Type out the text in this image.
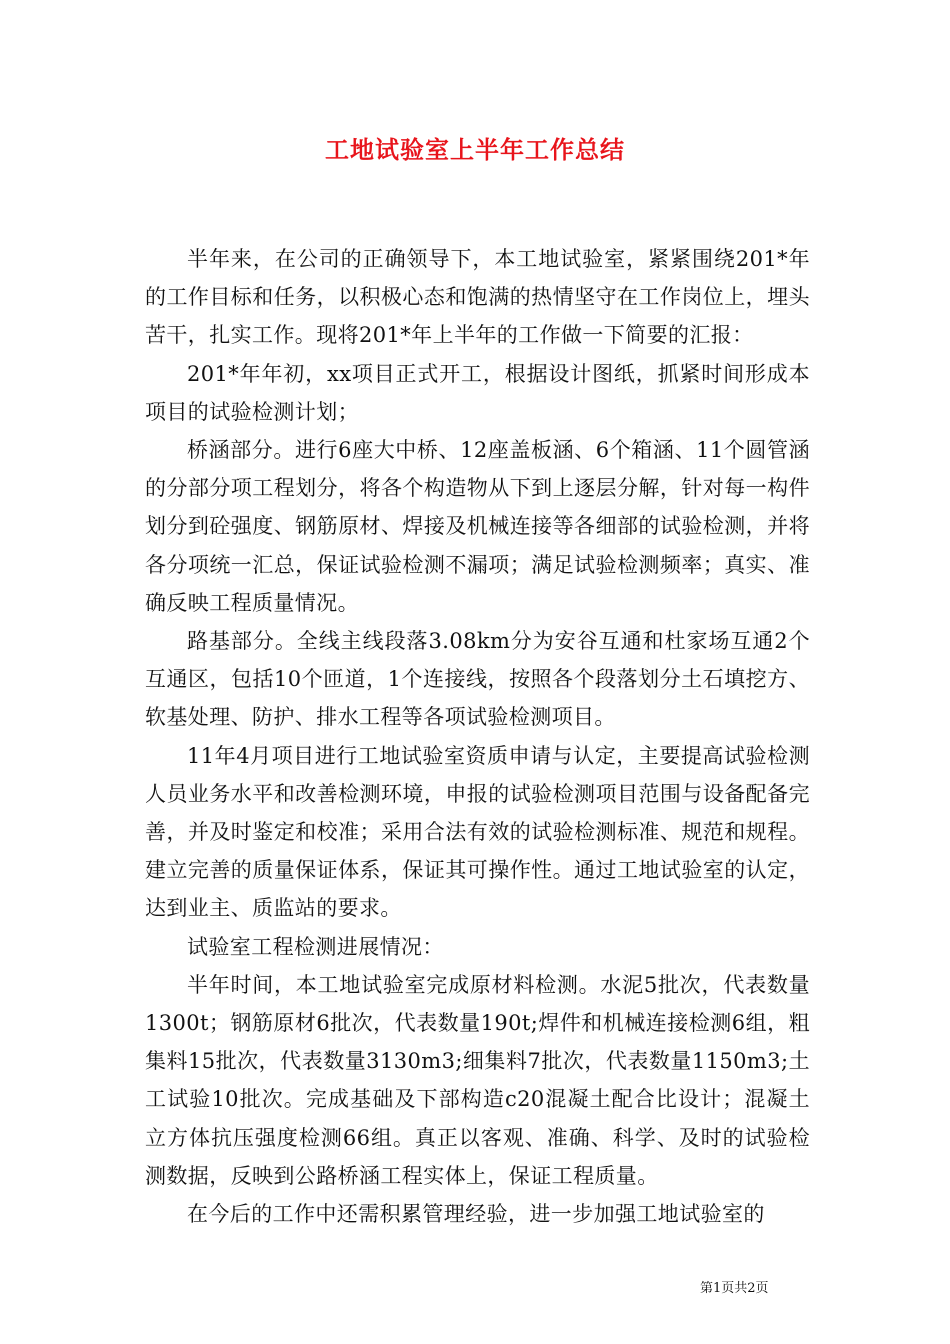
工地试验室上半年工作总结

半年来，在公司的正确领导下，本工地试验室，紧紧围绕201*年的工作目标和任务，以积极心态和饱满的热情坚守在工作岗位上，埋头苦干，扎实工作。现将201*年上半年的工作做一下简要的汇报：

201*年年初，xx项目正式开工，根据设计图纸，抓紧时间形成本项目的试验检测计划；

桥涵部分。进行6座大中桥、12座盖板涵、6个箱涵、11个圆管涵的分部分项工程划分，将各个构造物从下到上逐层分解，针对每一构件划分到砼强度、钢筋原材、焊接及机械连接等各细部的试验检测，并将各分项统一汇总，保证试验检测不漏项；满足试验检测频率；真实、准确反映工程质量情况。

路基部分。全线主线段落3.08km分为安谷互通和杜家场互通2个互通区，包括10个匝道，1个连接线，按照各个段落划分土石填挖方、软基处理、防护、排水工程等各项试验检测项目。

11年4月项目进行工地试验室资质申请与认定，主要提高试验检测人员业务水平和改善检测环境，申报的试验检测项目范围与设备配备完善，并及时鉴定和校准；采用合法有效的试验检测标准、规范和规程。建立完善的质量保证体系，保证其可操作性。通过工地试验室的认定，达到业主、质监站的要求。

试验室工程检测进展情况：

半年时间，本工地试验室完成原材料检测。水泥5批次，代表数量1300t；钢筋原材6批次，代表数量190t;焊件和机械连接检测6组，粗集料15批次，代表数量3130m3;细集料7批次，代表数量1150m3;土工试验10批次。完成基础及下部构造c20混凝土配合比设计；混凝土立方体抗压强度检测66组。真正以客观、准确、科学、及时的试验检测数据，反映到公路桥涵工程实体上，保证工程质量。

在今后的工作中还需积累管理经验，进一步加强工地试验室的

第1页共2页
